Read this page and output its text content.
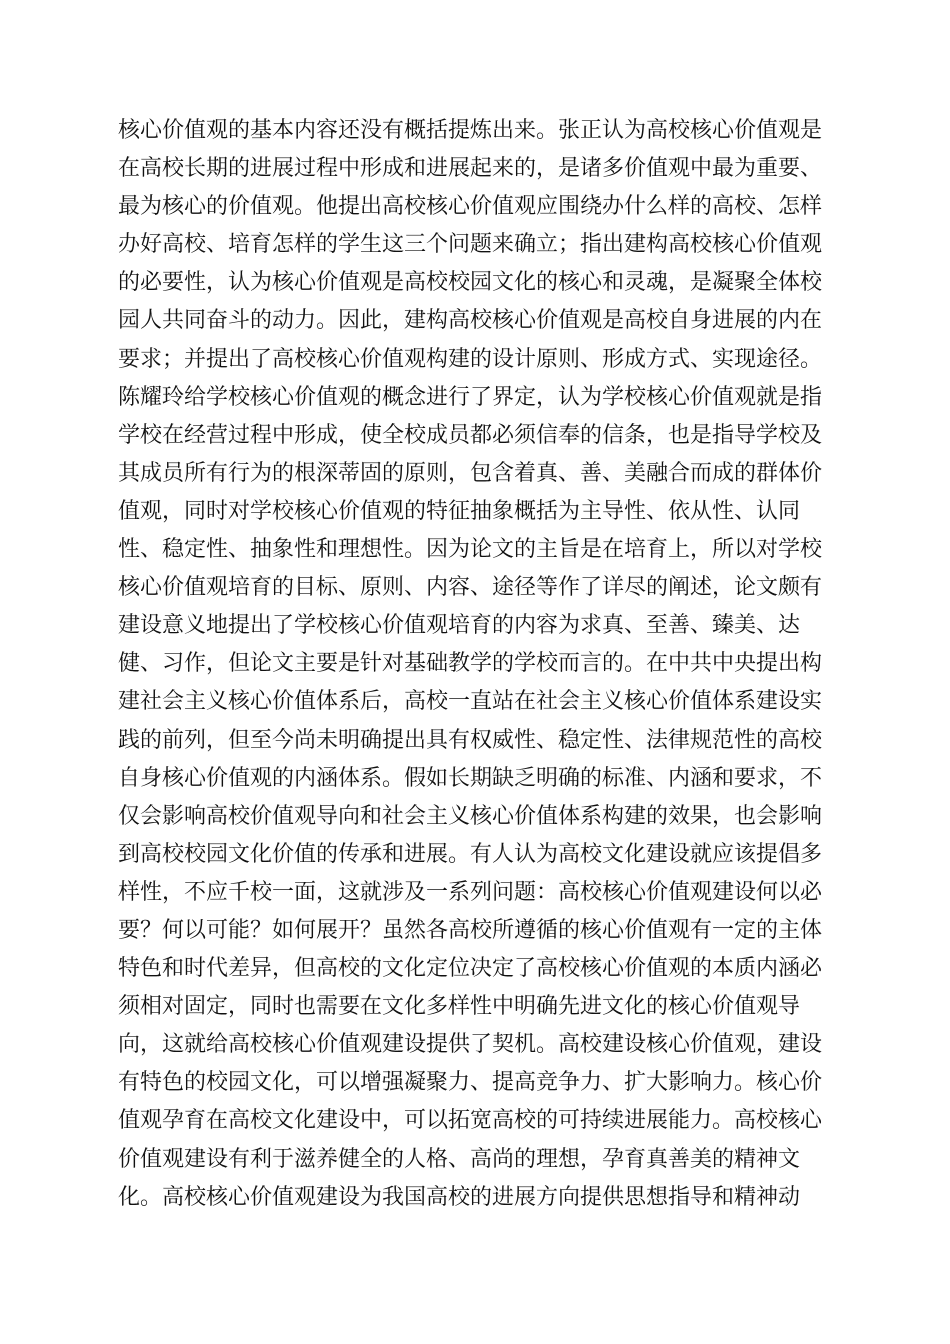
核心价值观的基本内容还没有概括提炼出来。张正认为高校核心价值观是
在高校长期的进展过程中形成和进展起来的，是诸多价值观中最为重要、
最为核心的价值观。他提出高校核心价值观应围绕办什么样的高校、怎样
办好高校、培育怎样的学生这三个问题来确立；指出建构高校核心价值观
的必要性，认为核心价值观是高校校园文化的核心和灵魂，是凝聚全体校
园人共同奋斗的动力。因此，建构高校核心价值观是高校自身进展的内在
要求；并提出了高校核心价值观构建的设计原则、形成方式、实现途径。
陈耀玲给学校核心价值观的概念进行了界定，认为学校核心价值观就是指
学校在经营过程中形成，使全校成员都必须信奉的信条，也是指导学校及
其成员所有行为的根深蒂固的原则，包含着真、善、美融合而成的群体价
值观，同时对学校核心价值观的特征抽象概括为主导性、依从性、认同
性、稳定性、抽象性和理想性。因为论文的主旨是在培育上，所以对学校
核心价值观培育的目标、原则、内容、途径等作了详尽的阐述，论文颇有
建设意义地提出了学校核心价值观培育的内容为求真、至善、臻美、达
健、习作，但论文主要是针对基础教学的学校而言的。在中共中央提出构
建社会主义核心价值体系后，高校一直站在社会主义核心价值体系建设实
践的前列，但至今尚未明确提出具有权威性、稳定性、法律规范性的高校
自身核心价值观的内涵体系。假如长期缺乏明确的标准、内涵和要求，不
仅会影响高校价值观导向和社会主义核心价值体系构建的效果，也会影响
到高校校园文化价值的传承和进展。有人认为高校文化建设就应该提倡多
样性，不应千校一面，这就涉及一系列问题：高校核心价值观建设何以必
要？何以可能？如何展开？虽然各高校所遵循的核心价值观有一定的主体
特色和时代差异，但高校的文化定位决定了高校核心价值观的本质内涵必
须相对固定，同时也需要在文化多样性中明确先进文化的核心价值观导
向，这就给高校核心价值观建设提供了契机。高校建设核心价值观，建设
有特色的校园文化，可以增强凝聚力、提高竞争力、扩大影响力。核心价
值观孕育在高校文化建设中，可以拓宽高校的可持续进展能力。高校核心
价值观建设有利于滋养健全的人格、高尚的理想，孕育真善美的精神文
化。高校核心价值观建设为我国高校的进展方向提供思想指导和精神动
